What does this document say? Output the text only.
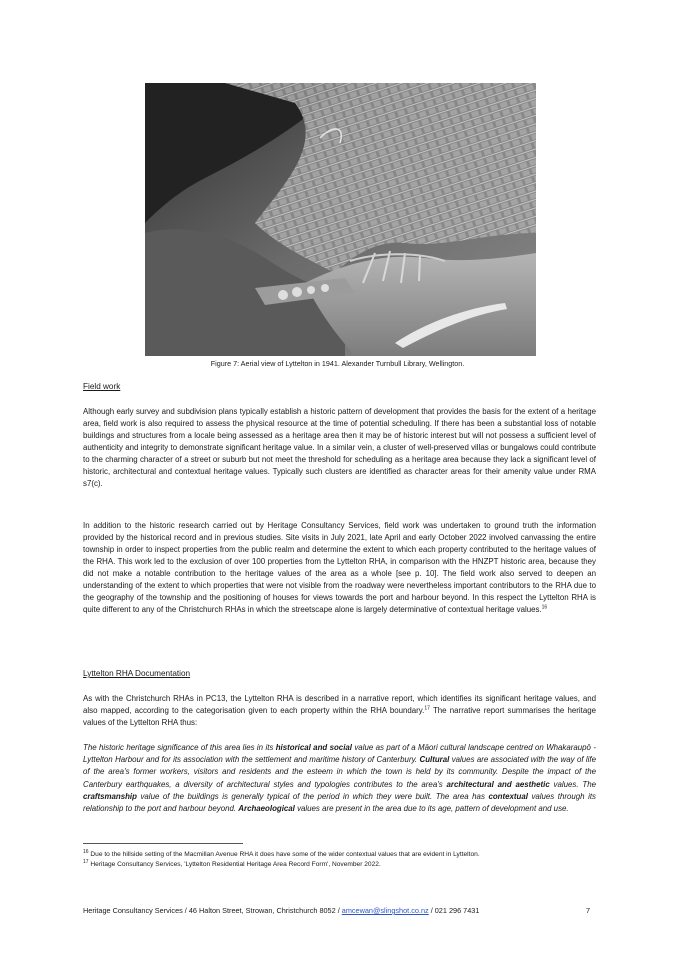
Figure 7: Aerial view of Lyttelton in 1941. Alexander Turnbull Library, Wellington.
Field work
Although early survey and subdivision plans typically establish a historic pattern of development that provides the basis for the extent of a heritage area, field work is also required to assess the physical resource at the time of potential scheduling. If there has been a substantial loss of notable buildings and structures from a locale being assessed as a heritage area then it may be of historic interest but will not possess a sufficient level of authenticity and integrity to demonstrate significant heritage value. In a similar vein, a cluster of well-preserved villas or bungalows could contribute to the charming character of a street or suburb but not meet the threshold for scheduling as a heritage area because they lack a significant level of historic, architectural and contextual heritage values. Typically such clusters are identified as character areas for their amenity value under RMA s7(c).
In addition to the historic research carried out by Heritage Consultancy Services, field work was undertaken to ground truth the information provided by the historical record and in previous studies. Site visits in July 2021, late April and early October 2022 involved canvassing the entire township in order to inspect properties from the public realm and determine the extent to which each property contributed to the heritage values of the RHA. This work led to the exclusion of over 100 properties from the Lyttelton RHA, in comparison with the HNZPT historic area, because they did not make a notable contribution to the heritage values of the area as a whole [see p. 10]. The field work also served to deepen an understanding of the extent to which properties that were not visible from the roadway were nevertheless important contributors to the RHA due to the geography of the township and the positioning of houses for views towards the port and harbour beyond. In this respect the Lyttelton RHA is quite different to any of the Christchurch RHAs in which the streetscape alone is largely determinative of contextual heritage values.$^{16}$
Lyttelton RHA Documentation
As with the Christchurch RHAs in PC13, the Lyttelton RHA is described in a narrative report, which identifies its significant heritage values, and also mapped, according to the categorisation given to each property within the RHA boundary.$^{17}$ The narrative report summarises the heritage values of the Lyttelton RHA thus:
The historic heritage significance of this area lies in its historical and social value as part of a Māori cultural landscape centred on Whakaraupō - Lyttelton Harbour and for its association with the settlement and maritime history of Canterbury. Cultural values are associated with the way of life of the area's former workers, visitors and residents and the esteem in which the town is held by its community. Despite the impact of the Canterbury earthquakes, a diversity of architectural styles and typologies contributes to the area's architectural and aesthetic values. The craftsmanship value of the buildings is generally typical of the period in which they were built. The area has contextual values through its relationship to the port and harbour beyond. Archaeological values are present in the area due to its age, pattern of development and use.
$^{16}$ Due to the hillside setting of the Macmillan Avenue RHA it does have some of the wider contextual values that are evident in Lyttelton.
$^{17}$ Heritage Consultancy Services, 'Lyttelton Residential Heritage Area Record Form', November 2022.
Heritage Consultancy Services / 46 Halton Street, Strowan, Christchurch 8052 / amcewan@slingshot.co.nz / 021 296 7431	7
